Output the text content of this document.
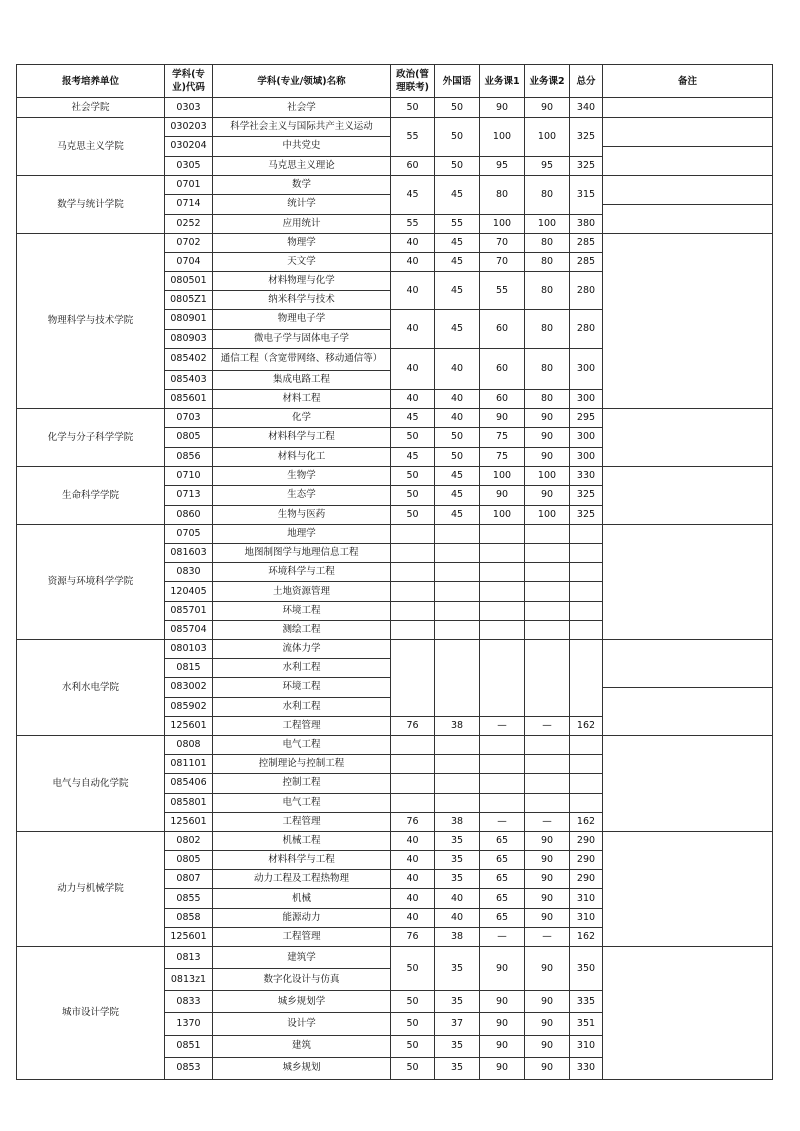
报考培养单位	学科(专业)代码	学科(专业/领域)名称	政治(管理联考)	外国语	业务课1	业务课2	总分	备注
社会学院	0303	社会学	50	50	90	90	340	

马克思主义学院	030203	科学社会主义与国际共产主义运动	55	50	100	100	325	

	030204	中共党史						
	0305	马克思主义理论	60	50	95	95	325	
数学与统计学院	0701	数学	45	45	80	80	315	

	0714	统计学						
	0252	应用统计	55	55	100	100	380	
物理科学与技术学院	0702	物理学	40	45	70	80	285	

	0704	天文学	40	45	70	80	285	
	080501	材料物理与化学	40	45	55	80	280	
	0805Z1	纳米科学与技术						
	080901	物理电子学	40	45	60	80	280	
	080903	微电子学与固体电子学						
	085402	通信工程（含宽带网络、移动通信等）	40	40	60	80	300	
	085403	集成电路工程						
	085601	材料工程	40	40	60	80	300	
化学与分子科学学院	0703	化学	45	40	90	90	295	

	0805	材料科学与工程	50	50	75	90	300	
	0856	材料与化工	45	50	75	90	300	
生命科学学院	0710	生物学	50	45	100	100	330	

	0713	生态学	50	45	90	90	325	
	0860	生物与医药	50	45	100	100	325	
资源与环境科学学院	0705	地理学						

	081603	地图制图学与地理信息工程						
	0830	环境科学与工程						
	120405	土地资源管理						
	085701	环境工程						
	085704	测绘工程						
水利水电学院	080103	流体力学						

	0815	水利工程						
	083002	环境工程						
	085902	水利工程						
	125601	工程管理	76	38	—	—	162	
电气与自动化学院	0808	电气工程						

	081101	控制理论与控制工程						
	085406	控制工程						
	085801	电气工程						
	125601	工程管理	76	38	—	—	162	
动力与机械学院	0802	机械工程	40	35	65	90	290	

	0805	材料科学与工程	40	35	65	90	290	
	0807	动力工程及工程热物理	40	35	65	90	290	
	0855	机械	40	40	65	90	310	
	0858	能源动力	40	40	65	90	310	
	125601	工程管理	76	38	—	—	162	
城市设计学院	0813	建筑学	50	35	90	90	350	

	0813z1	数字化设计与仿真						
	0833	城乡规划学	50	35	90	90	335	
	1370	设计学	50	37	90	90	351	
	0851	建筑	50	35	90	90	310	
	0853	城乡规划	50	35	90	90	330	
